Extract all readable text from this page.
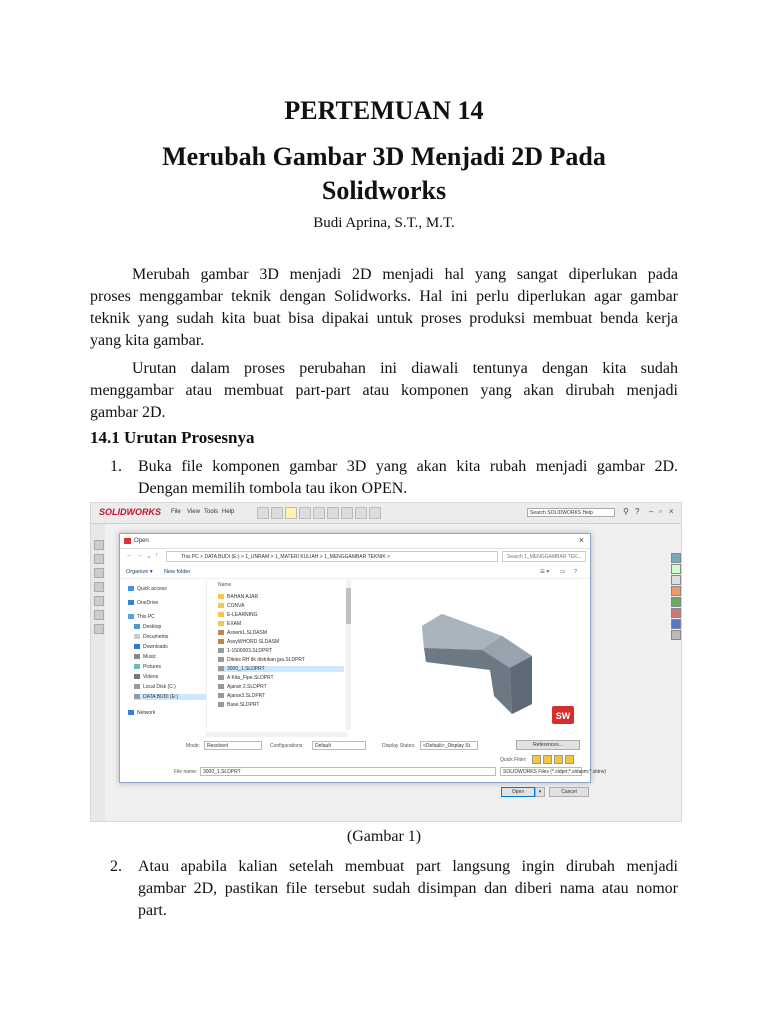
PERTEMUAN 14
Merubah Gambar 3D Menjadi 2D Pada
Solidworks
Budi Aprina, S.T., M.T.
Merubah gambar 3D menjadi 2D menjadi hal yang sangat diperlukan pada
proses menggambar teknik dengan Solidworks. Hal ini perlu diperlukan agar gambar
teknik yang sudah kita buat bisa dipakai untuk proses produksi membuat benda kerja
yang kita gambar.
Urutan dalam proses perubahan ini diawali tentunya dengan kita sudah
menggambar atau membuat part-part atau komponen yang akan dirubah menjadi
gambar 2D.
14.1 Urutan Prosesnya
1. Buka file komponen gambar 3D yang akan kita rubah menjadi gambar 2D.
Dengan memilih tombola tau ikon OPEN.
SOLIDWORKS File View Tools Help	Search SOLIDWORKS Help	⚲ ? – ▫ ×
Open	×
← → ⌄ ↑	This PC > DATA BUDI (E:) > 1_UNRAM > 1_MATERI KULIAH > 1_MENGGAMBAR TEKNIK >	Search 1_MENGGAMBAR TEK...
Organize ▾ New folder	☰ ▾ ▭ ?
Quick access
OneDrive
This PC
Desktop
Documents
Downloads
Music
Pictures
Videos
Local Disk (C:)
DATA BUDI (E:)
Network
Name
BAHAN AJAR
CONVA
E-LEARNING
EXAM
Assem1.SLDASM
AssyWHORD SLDASM
1-1500003.SLDPRT
Diteks RH tlk distrikan jpa.SLDPRT
3000_1.SLDPRT
A Kita_Fipe.SLDPRT
Ajaran 2.SLDPRT
Ajaran3.SLDPRT
Base.SLDPRT
SW
Mode:	Resolved	Configurations:	Default	Display States:	<Default>_Display St	References...
Quick Filter:
File name:	3000_1.SLDPRT	SOLIDWORKS Files (*.sldprt;*.sldasm;*.sldrw)
Open	▾	Cancel
(Gambar 1)
2. Atau apabila kalian setelah membuat part langsung ingin dirubah menjadi
gambar 2D, pastikan file tersebut sudah disimpan dan diberi nama atau nomor
part.
